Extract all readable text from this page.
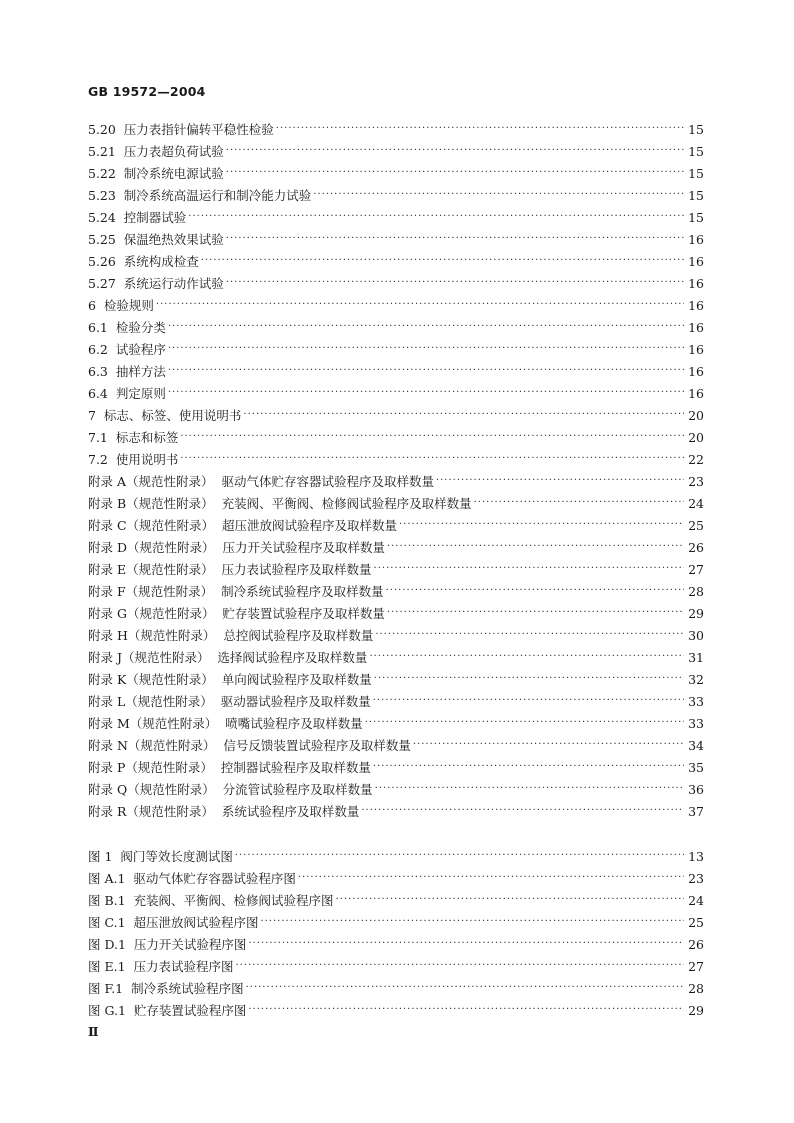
GB 19572—2004
5.20  压力表指针偏转平稳性检验 ·····	15
5.21  压力表超负荷试验 ·····	15
5.22  制冷系统电源试验 ·····	15
5.23  制冷系统高温运行和制冷能力试验 ·····	15
5.24  控制器试验 ·····	15
5.25  保温绝热效果试验 ·····	16
5.26  系统构成检查 ·····	16
5.27  系统运行动作试验 ·····	16
6  检验规则 ·····	16
6.1  检验分类 ·····	16
6.2  试验程序 ·····	16
6.3  抽样方法 ·····	16
6.4  判定原则 ·····	16
7  标志、标签、使用说明书 ·····	20
7.1  标志和标签 ·····	20
7.2  使用说明书 ·····	22
附录 A（规范性附录）  驱动气体贮存容器试验程序及取样数量 ·····	23
附录 B（规范性附录）  充装阀、平衡阀、检修阀试验程序及取样数量 ·····	24
附录 C（规范性附录）  超压泄放阀试验程序及取样数量 ·····	25
附录 D（规范性附录）  压力开关试验程序及取样数量 ·····	26
附录 E（规范性附录）  压力表试验程序及取样数量 ·····	27
附录 F（规范性附录）  制冷系统试验程序及取样数量 ·····	28
附录 G（规范性附录）  贮存装置试验程序及取样数量 ·····	29
附录 H（规范性附录）  总控阀试验程序及取样数量 ·····	30
附录 J（规范性附录）  选择阀试验程序及取样数量 ·····	31
附录 K（规范性附录）  单向阀试验程序及取样数量 ·····	32
附录 L（规范性附录）  驱动器试验程序及取样数量 ·····	33
附录 M（规范性附录）  喷嘴试验程序及取样数量 ·····	33
附录 N（规范性附录）  信号反馈装置试验程序及取样数量 ·····	34
附录 P（规范性附录）  控制器试验程序及取样数量 ·····	35
附录 Q（规范性附录）  分流管试验程序及取样数量 ·····	36
附录 R（规范性附录）  系统试验程序及取样数量 ·····	37
图 1  阀门等效长度测试图 ·····	13
图 A.1  驱动气体贮存容器试验程序图 ·····	23
图 B.1  充装阀、平衡阀、检修阀试验程序图 ·····	24
图 C.1  超压泄放阀试验程序图 ·····	25
图 D.1  压力开关试验程序图 ·····	26
图 E.1  压力表试验程序图 ·····	27
图 F.1  制冷系统试验程序图 ·····	28
图 G.1  贮存装置试验程序图 ·····	29
Ⅱ
